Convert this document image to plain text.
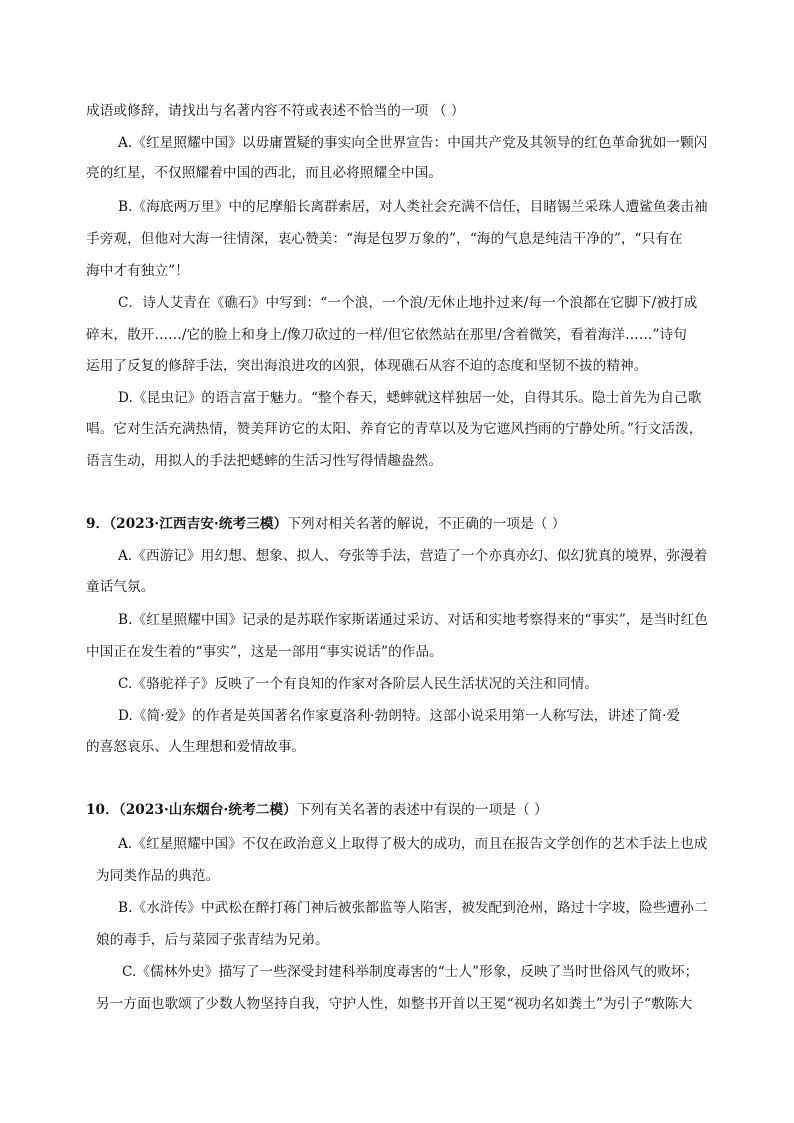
成语或修辞，请找出与名著内容不符或表述不恰当的一项 （ ）
A.《红星照耀中国》以毋庸置疑的事实向全世界宣告：中国共产党及其领导的红色革命犹如一颗闪
亮的红星，不仅照耀着中国的西北，而且必将照耀全中国。
B.《海底两万里》中的尼摩船长离群索居，对人类社会充满不信任，目睹锡兰采珠人遭鲨鱼袭击袖
手旁观，但他对大海一往情深，衷心赞美：“海是包罗万象的”，“海的气息是纯洁干净的”，“只有在
海中才有独立”！
C．诗人艾青在《礁石》中写到：“一个浪，一个浪/无休止地扑过来/每一个浪都在它脚下/被打成
碎末，散开……/它的脸上和身上/像刀砍过的一样/但它依然站在那里/含着微笑，看着海洋……”诗句
运用了反复的修辞手法，突出海浪进攻的凶狠，体现礁石从容不迫的态度和坚韧不拔的精神。
D.《昆虫记》的语言富于魅力。“整个春天，蟋蟀就这样独居一处，自得其乐。隐士首先为自己歌
唱。它对生活充满热情，赞美拜访它的太阳、养育它的青草以及为它遮风挡雨的宁静处所。”行文活泼，
语言生动，用拟人的手法把蟋蟀的生活习性写得情趣盎然。
9．（2023·江西吉安·统考三模）下列对相关名著的解说，不正确的一项是（ ）
A.《西游记》用幻想、想象、拟人、夸张等手法，营造了一个亦真亦幻、似幻犹真的境界，弥漫着
童话气氛。
B.《红星照耀中国》记录的是苏联作家斯诺通过采访、对话和实地考察得来的“事实”，是当时红色
中国正在发生着的“事实”，这是一部用“事实说话”的作品。
C.《骆驼祥子》反映了一个有良知的作家对各阶层人民生活状况的关注和同情。
D.《简·爱》的作者是英国著名作家夏洛利·勃朗特。这部小说采用第一人称写法，讲述了简·爱
的喜怒哀乐、人生理想和爱情故事。
10．（2023·山东烟台·统考二模）下列有关名著的表述中有误的一项是（ ）
A.《红星照耀中国》不仅在政治意义上取得了极大的成功，而且在报告文学创作的艺术手法上也成
为同类作品的典范。
B.《水浒传》中武松在醉打蒋门神后被张都监等人陷害，被发配到沧州，路过十字坡，险些遭孙二
娘的毒手，后与菜园子张青结为兄弟。
C.《儒林外史》描写了一些深受封建科举制度毒害的“士人”形象，反映了当时世俗风气的败坏；
另一方面也歌颂了少数人物坚持自我，守护人性，如整书开首以王冕“视功名如粪土”为引子“敷陈大
